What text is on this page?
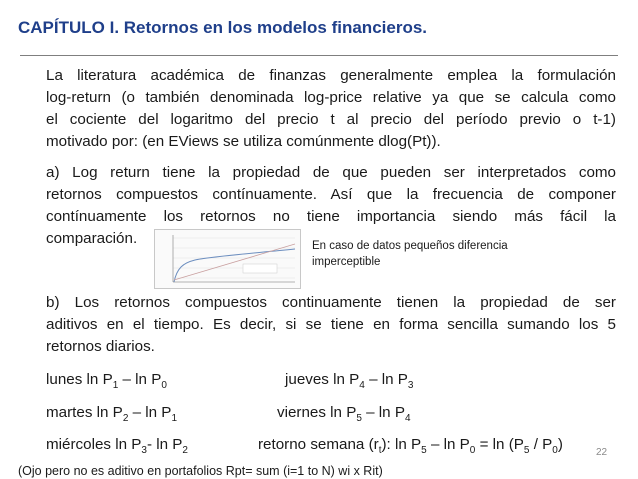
CAPÍTULO I. Retornos en los modelos financieros.
La literatura académica de finanzas generalmente emplea la formulación
log-return (o también denominada log-price relative ya que se calcula como
el cociente del logaritmo del precio t al precio del período previo o t-1)
motivado por: (en EViews se utiliza comúnmente dlog(Pt)).
a) Log return tiene la propiedad de que pueden ser interpretados como
retornos compuestos contínuamente. Así que la frecuencia de componer
contínuamente los retornos no tiene importancia siendo más fácil la
comparación.	En caso de datos pequeños diferencia imperceptible
b) Los retornos compuestos continuamente tienen la propiedad de ser
aditivos en el tiempo. Es decir, si se tiene en forma sencilla sumando los 5
retornos diarios.
lunes $\ln P_1$ – $\ln P_0$	jueves $\ln P_4$ – $\ln P_3$
martes $\ln P_2$ – $\ln P_1$	viernes $\ln P_5$ – $\ln P_4$
miércoles $\ln P_3-$ $\ln P_2$	retorno semana $(r_t)$: $\ln P_5 - \ln P_0 = \ln (P_5 / P_0)$	22
(Ojo pero no es aditivo en portafolios Rpt= sum (i=1 to N) wi x Rit)
